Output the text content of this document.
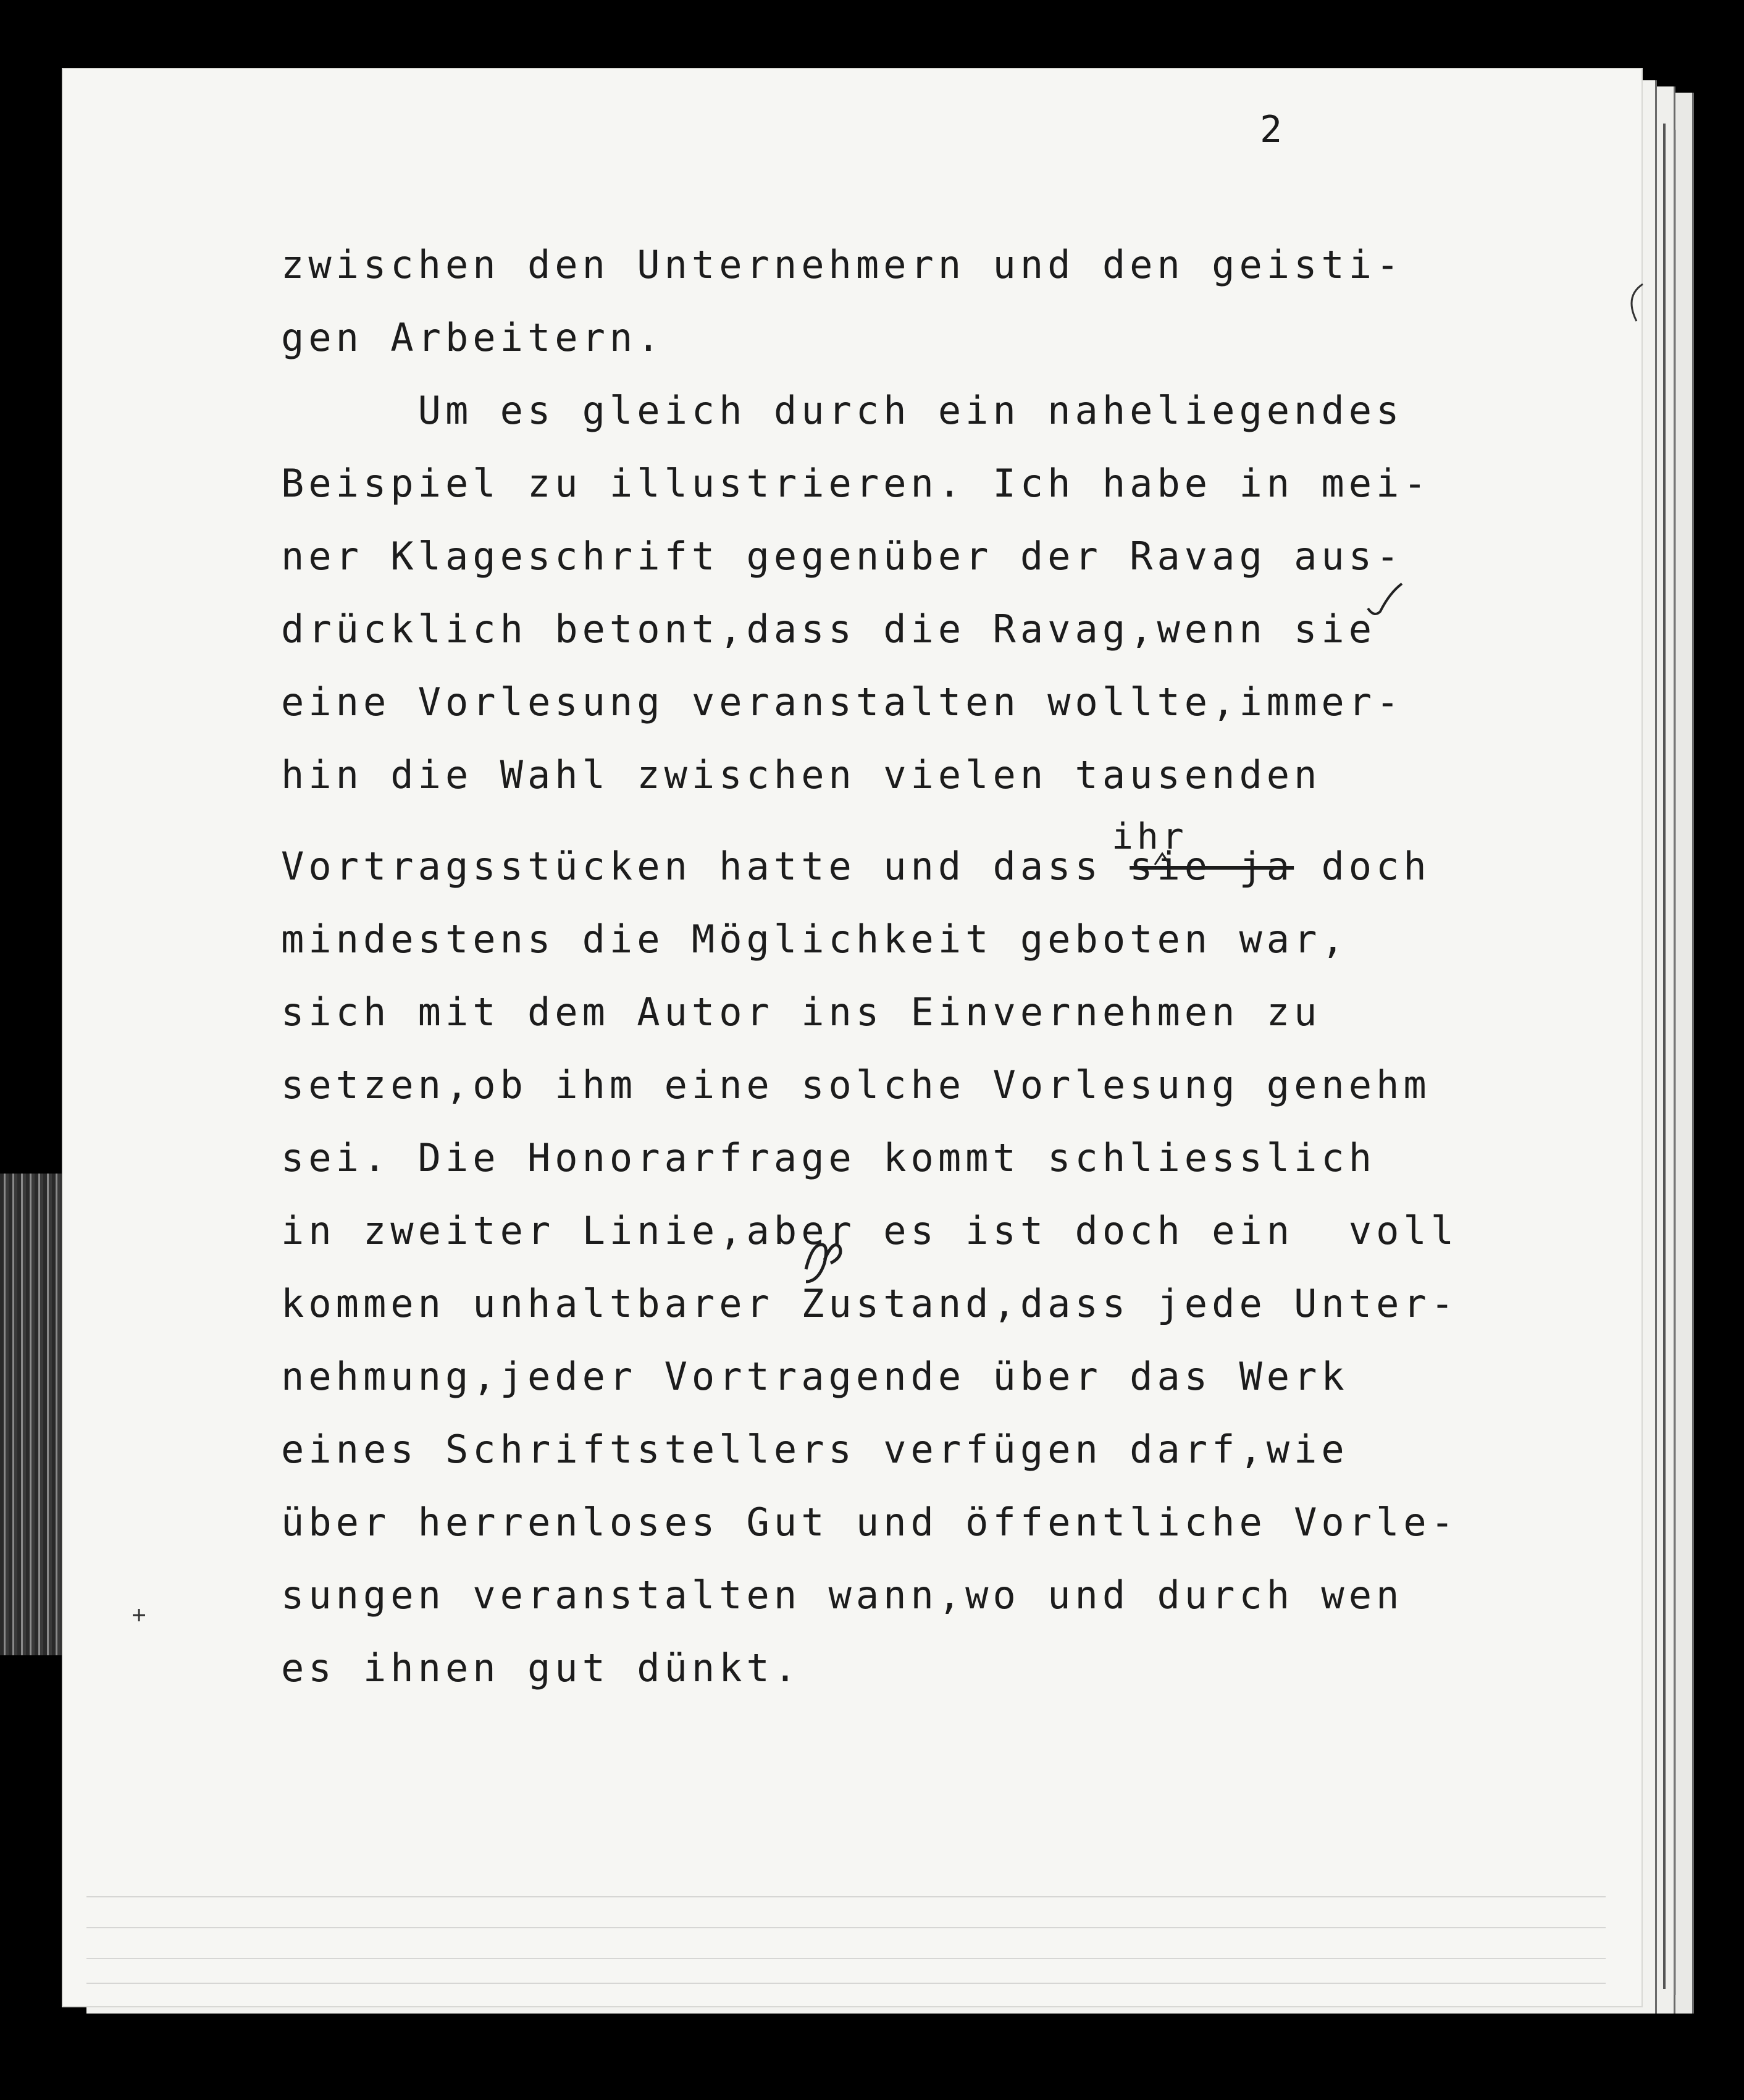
2
ihr
zwischen den Unternehmern und den geisti-
gen Arbeitern.
Um es gleich durch ein naheliegendes
Beispiel zu illustrieren. Ich habe in mei-
ner Klageschrift gegenüber der Ravag aus-
drücklich betont,dass die Ravag,wenn sie
eine Vorlesung veranstalten wollte,immer-
hin die Wahl zwischen vielen tausenden
Vortragsstücken hatte und dass sie ja doch
mindestens die Möglichkeit geboten war,
sich mit dem Autor ins Einvernehmen zu
setzen,ob ihm eine solche Vorlesung genehm
sei. Die Honorarfrage kommt schliesslich
in zweiter Linie,aber es ist doch ein  voll
kommen unhaltbarer Zustand,dass jede Unter-
nehmung,jeder Vortragende über das Werk
eines Schriftstellers verfügen darf,wie
über herrenloses Gut und öffentliche Vorle-
sungen veranstalten wann,wo und durch wen
es ihnen gut dünkt.
